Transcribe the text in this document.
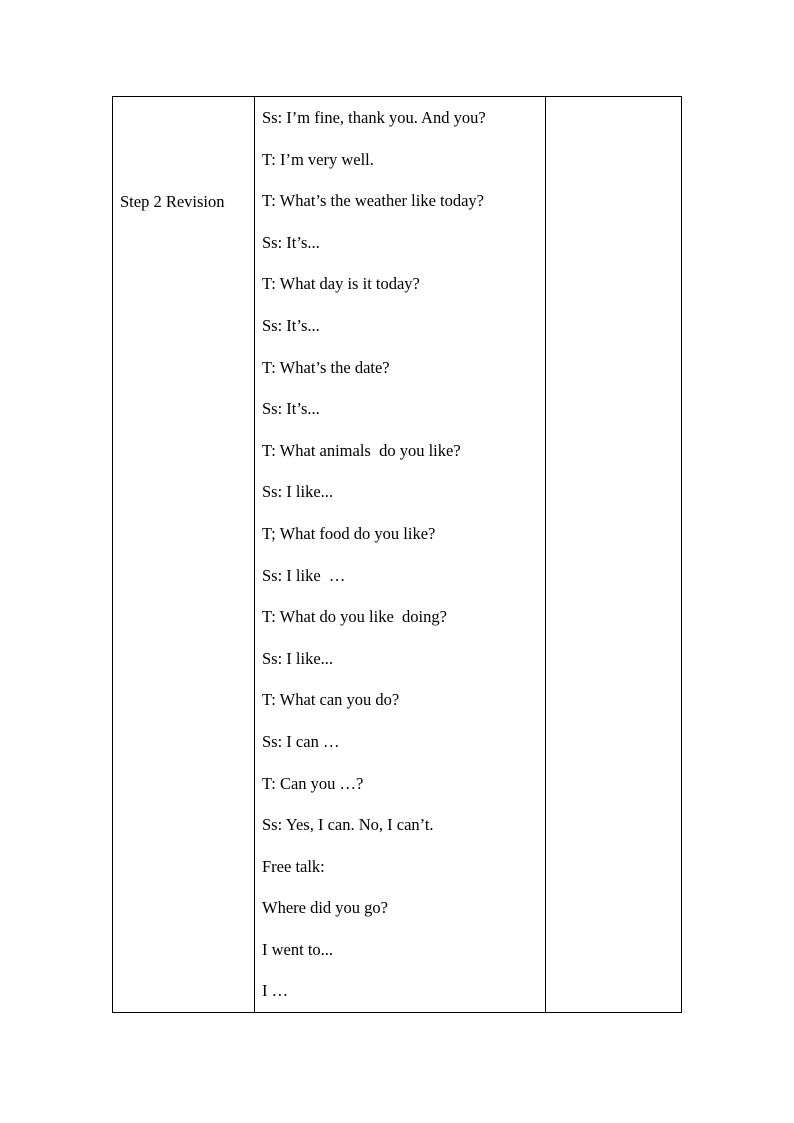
Step 2 Revision

Ss: I’m fine, thank you. And you?
T: I’m very well.
T: What’s the weather like today?
Ss: It’s...
T: What day is it today?
Ss: It’s...
T: What’s the date?
Ss: It’s...
T: What animals  do you like?
Ss: I like...
T; What food do you like?
Ss: I like  …
T: What do you like  doing?
Ss: I like...
T: What can you do?
Ss: I can …
T: Can you …?
Ss: Yes, I can. No, I can’t.
Free talk:
Where did you go?
I went to...
I …
